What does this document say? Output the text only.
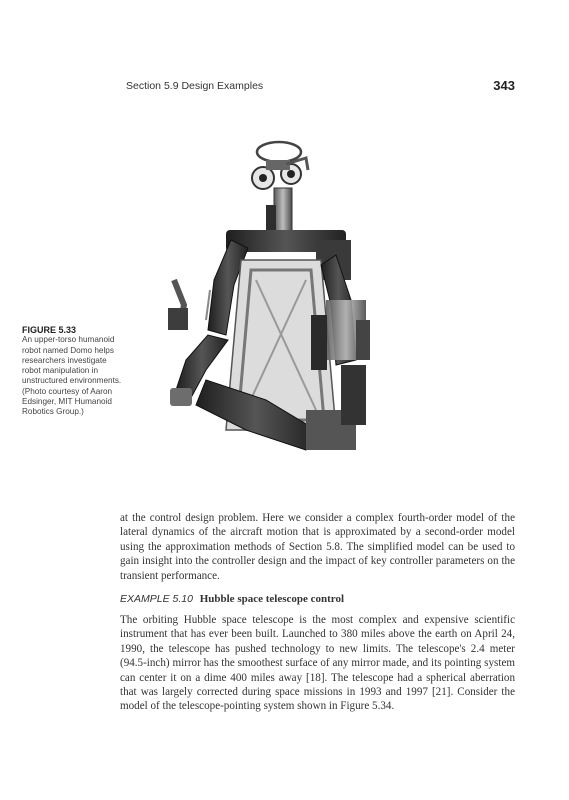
Section 5.9 Design Examples	343
FIGURE 5.33
An upper-torso humanoid robot named Domo helps researchers investigate robot manipulation in unstructured environments. (Photo courtesy of Aaron Edsinger, MIT Humanoid Robotics Group.)

at the control design problem. Here we consider a complex fourth-order model of the lateral dynamics of the aircraft motion that is approximated by a second-order model using the approximation methods of Section 5.8. The simplified model can be used to gain insight into the controller design and the impact of key controller parameters on the transient performance.

EXAMPLE 5.10 Hubble space telescope control

The orbiting Hubble space telescope is the most complex and expensive scientific instrument that has ever been built. Launched to 380 miles above the earth on April 24, 1990, the telescope has pushed technology to new limits. The telescope's 2.4 meter (94.5-inch) mirror has the smoothest surface of any mirror made, and its pointing system can center it on a dime 400 miles away [18]. The telescope had a spherical aberration that was largely corrected during space missions in 1993 and 1997 [21]. Consider the model of the telescope-pointing system shown in Figure 5.34.
